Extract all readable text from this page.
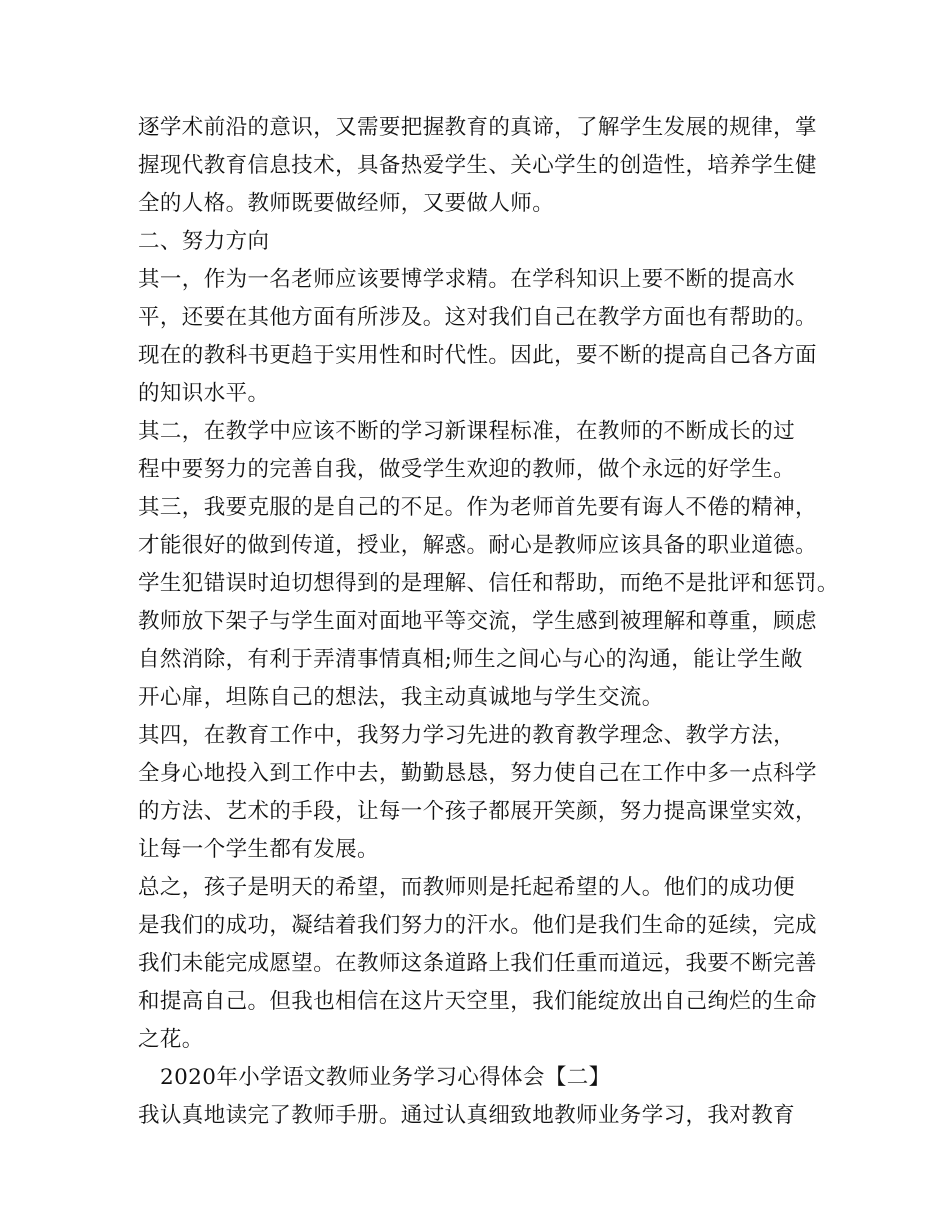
逐学术前沿的意识，又需要把握教育的真谛，了解学生发展的规律，掌
握现代教育信息技术，具备热爱学生、关心学生的创造性，培养学生健
全的人格。教师既要做经师，又要做人师。
二、努力方向
其一，作为一名老师应该要博学求精。在学科知识上要不断的提高水
平，还要在其他方面有所涉及。这对我们自己在教学方面也有帮助的。
现在的教科书更趋于实用性和时代性。因此，要不断的提高自己各方面
的知识水平。
其二，在教学中应该不断的学习新课程标准，在教师的不断成长的过
程中要努力的完善自我，做受学生欢迎的教师，做个永远的好学生。
其三，我要克服的是自己的不足。作为老师首先要有诲人不倦的精神，
才能很好的做到传道，授业，解惑。耐心是教师应该具备的职业道德。
学生犯错误时迫切想得到的是理解、信任和帮助，而绝不是批评和惩罚。
教师放下架子与学生面对面地平等交流，学生感到被理解和尊重，顾虑
自然消除，有利于弄清事情真相;师生之间心与心的沟通，能让学生敞
开心扉，坦陈自己的想法，我主动真诚地与学生交流。
其四，在教育工作中，我努力学习先进的教育教学理念、教学方法，
全身心地投入到工作中去，勤勤恳恳，努力使自己在工作中多一点科学
的方法、艺术的手段，让每一个孩子都展开笑颜，努力提高课堂实效，
让每一个学生都有发展。
总之，孩子是明天的希望，而教师则是托起希望的人。他们的成功便
是我们的成功，凝结着我们努力的汗水。他们是我们生命的延续，完成
我们未能完成愿望。在教师这条道路上我们任重而道远，我要不断完善
和提高自己。但我也相信在这片天空里，我们能绽放出自己绚烂的生命
之花。
2020年小学语文教师业务学习心得体会【二】
我认真地读完了教师手册。通过认真细致地教师业务学习，我对教育
